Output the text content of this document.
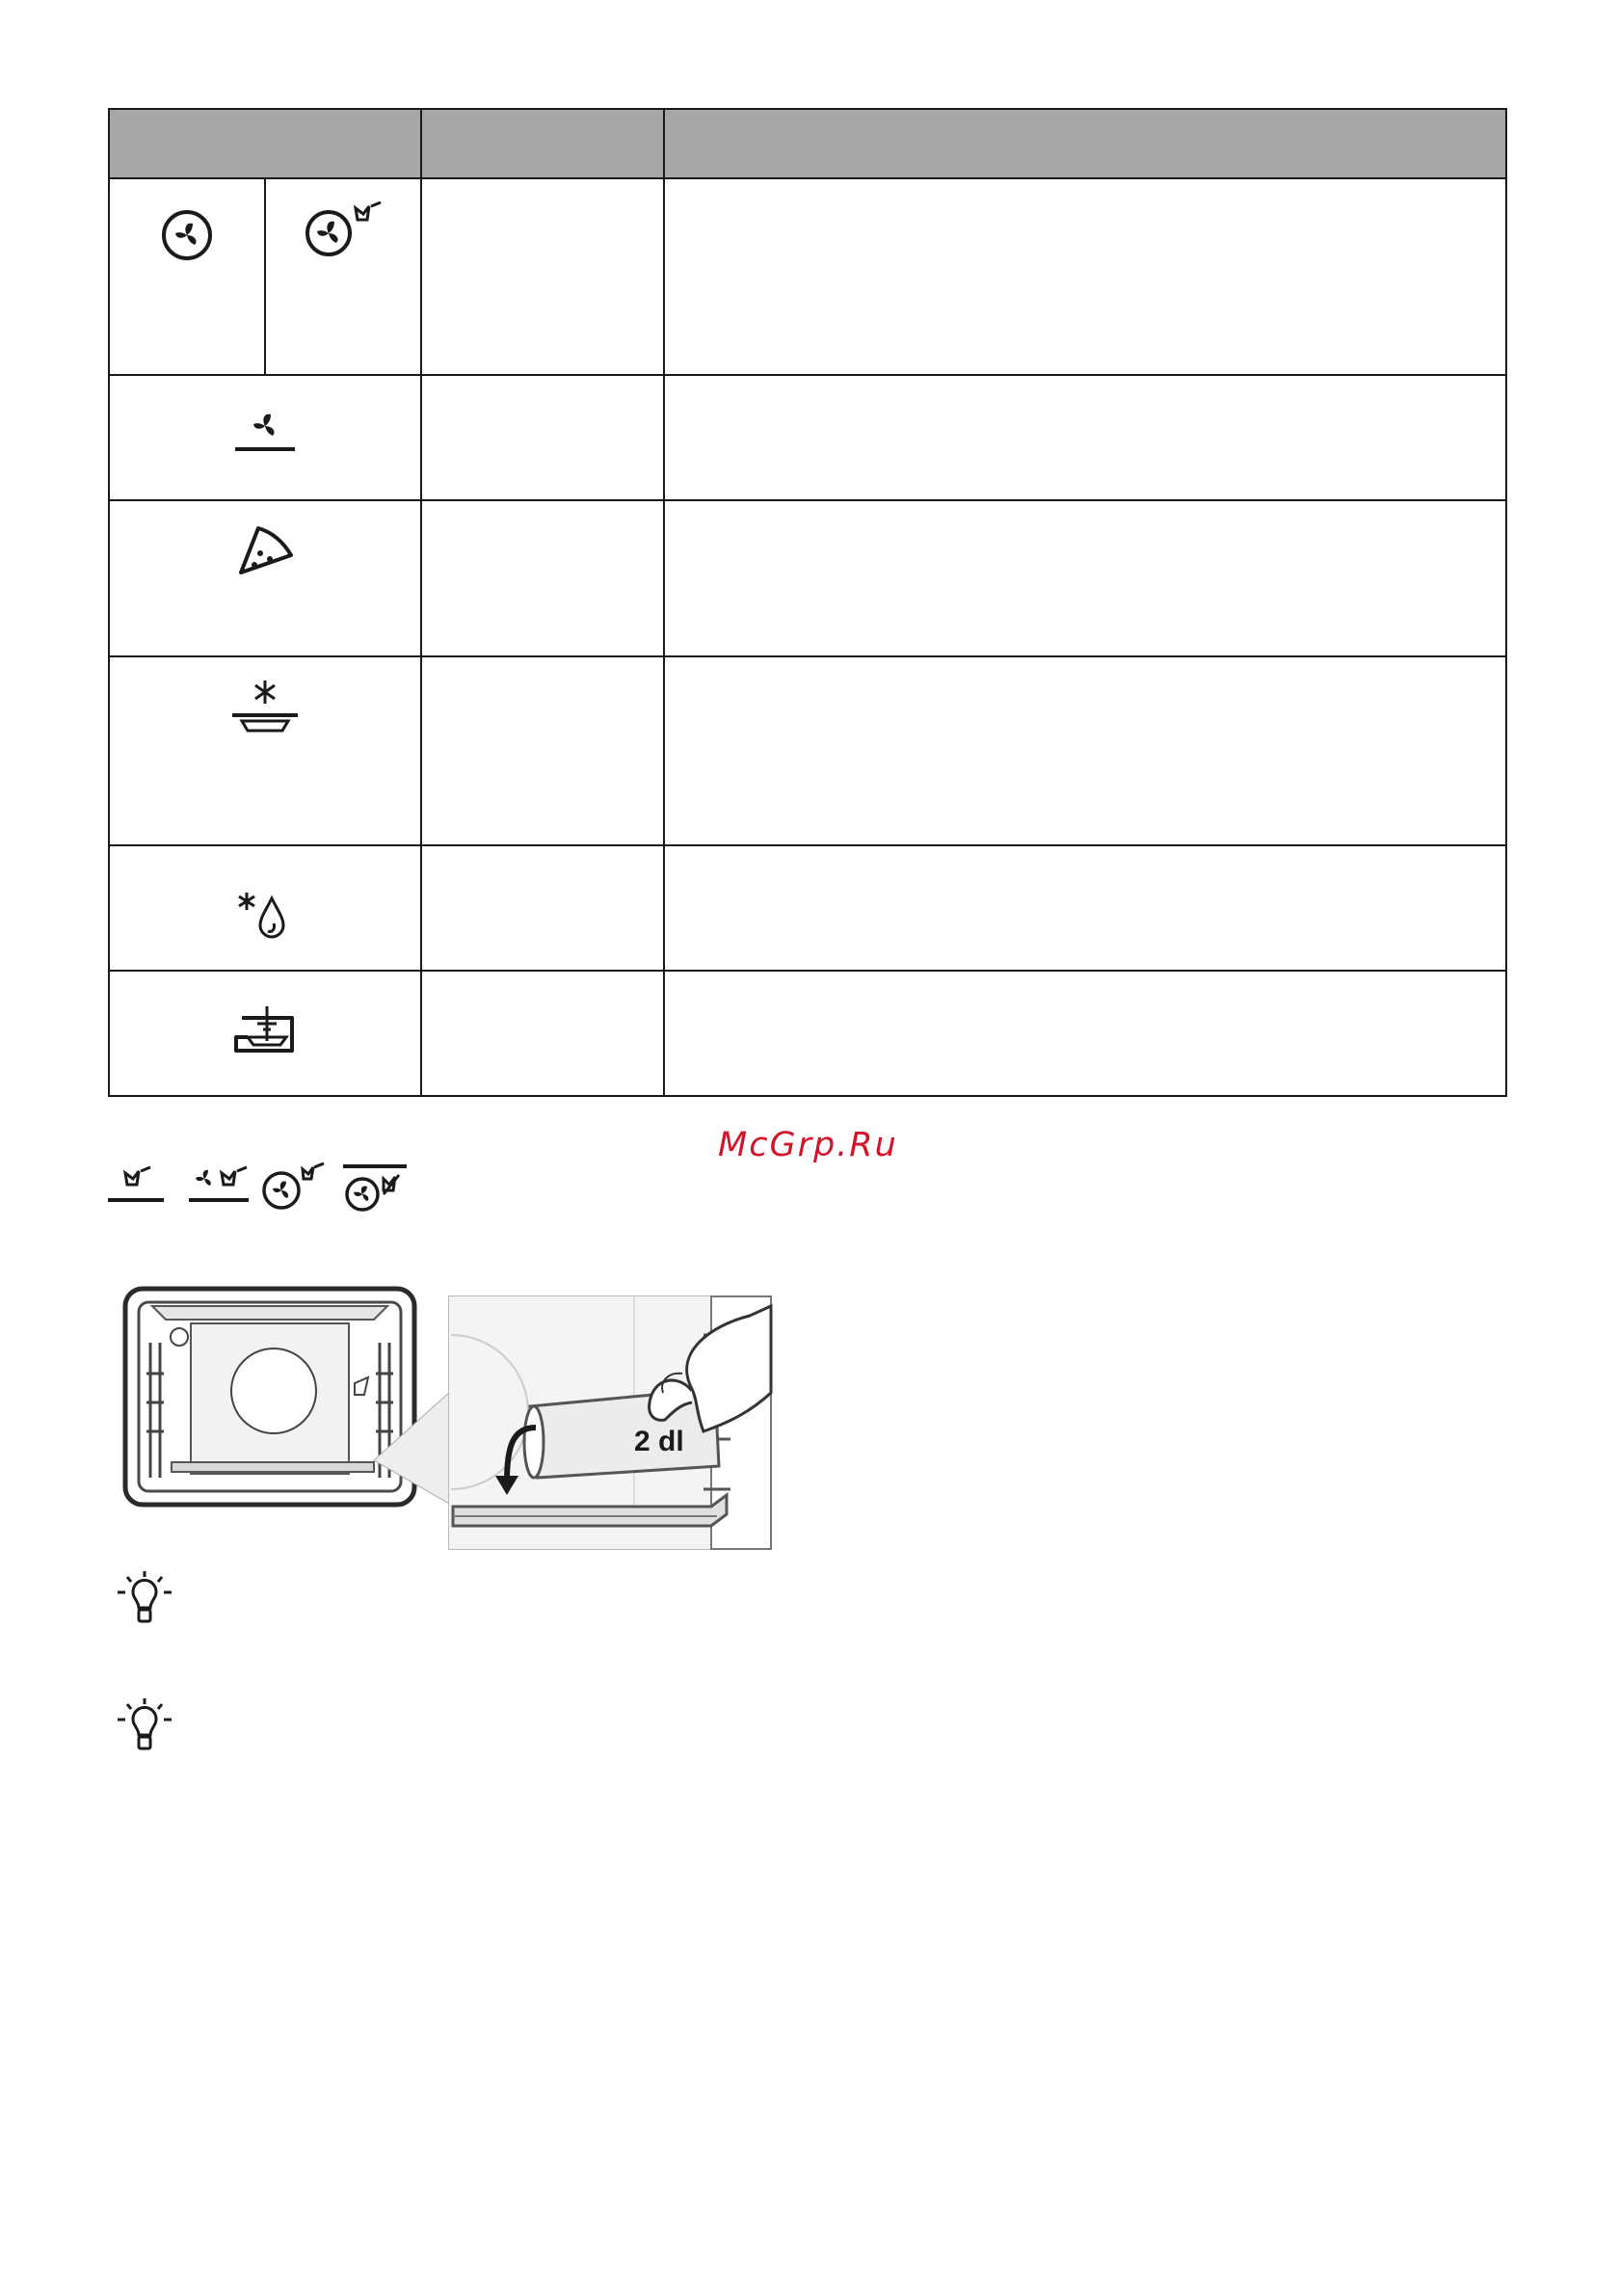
McGrp.Ru
2 dl
